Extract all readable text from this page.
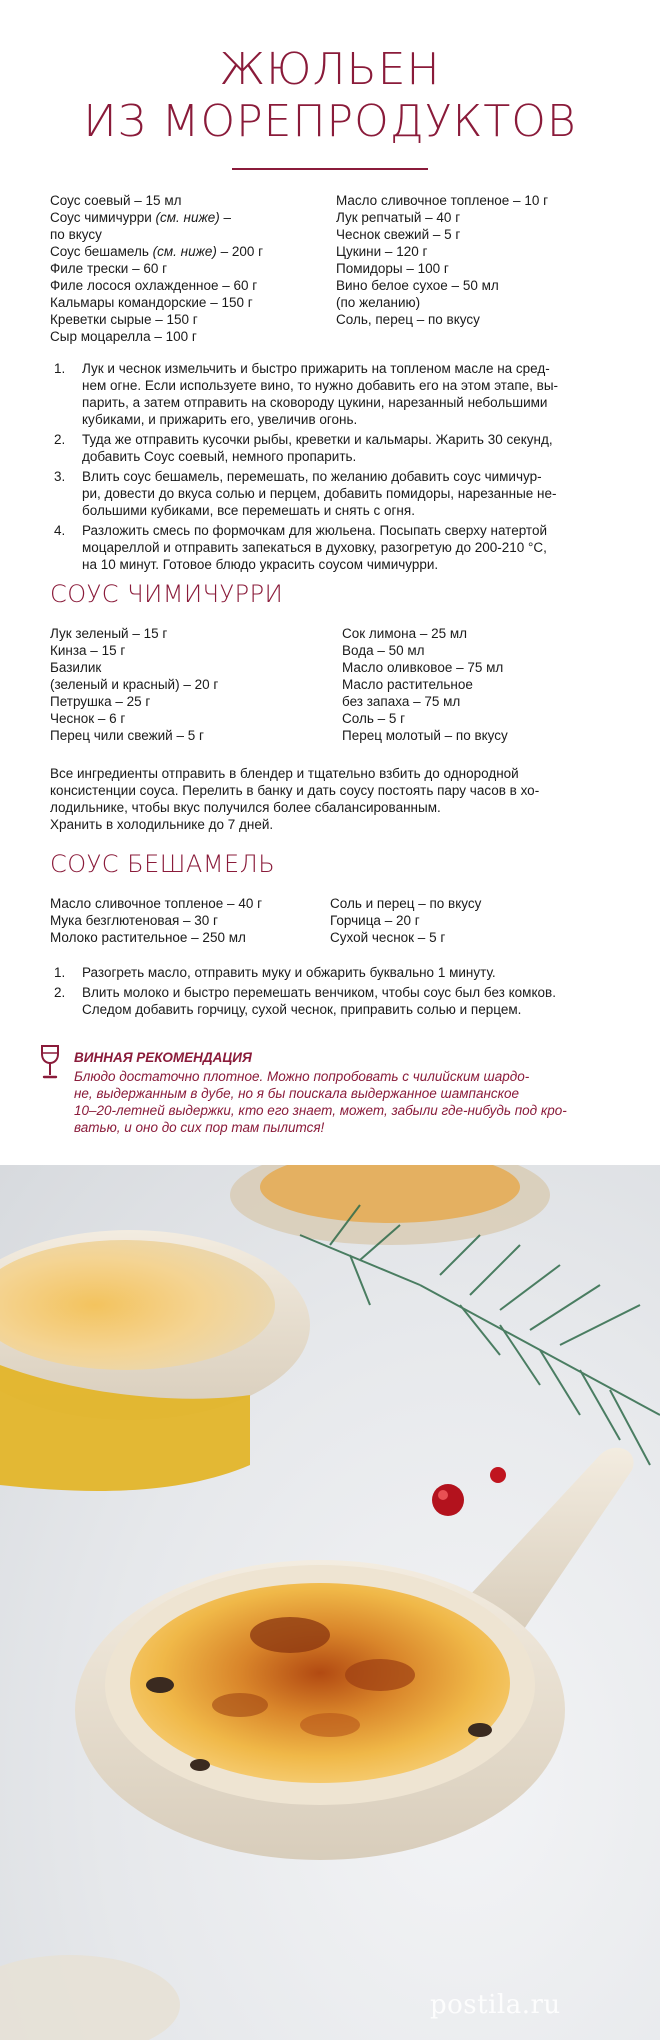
ЖЮЛЬЕН
ИЗ МОРЕПРОДУКТОВ
Соус соевый – 15 мл
Соус чимичурри (см. ниже) –
по вкусу
Соус бешамель (см. ниже) – 200 г
Филе трески – 60 г
Филе лосося охлажденное – 60 г
Кальмары командорские – 150 г
Креветки сырые – 150 г
Сыр моцарелла – 100 г
Масло сливочное топленое – 10 г
Лук репчатый – 40 г
Чеснок свежий – 5 г
Цукини – 120 г
Помидоры – 100 г
Вино белое сухое – 50 мл
(по желанию)
Соль, перец – по вкусу
1. Лук и чеснок измельчить и быстро прижарить на топленом масле на сред-
нем огне. Если используете вино, то нужно добавить его на этом этапе, вы-
парить, а затем отправить на сковороду цукини, нарезанный небольшими
кубиками, и прижарить его, увеличив огонь.
2. Туда же отправить кусочки рыбы, креветки и кальмары. Жарить 30 секунд,
добавить Соус соевый, немного пропарить.
3. Влить соус бешамель, перемешать, по желанию добавить соус чимичур-
ри, довести до вкуса солью и перцем, добавить помидоры, нарезанные не-
большими кубиками, все перемешать и снять с огня.
4. Разложить смесь по формочкам для жюльена. Посыпать сверху натертой
моцареллой и отправить запекаться в духовку, разогретую до 200-210 °С,
на 10 минут. Готовое блюдо украсить соусом чимичурри.
СОУС ЧИМИЧУРРИ
Лук зеленый – 15 г
Кинза – 15 г
Базилик
(зеленый и красный) – 20 г
Петрушка – 25 г
Чеснок – 6 г
Перец чили свежий – 5 г
Сок лимона – 25 мл
Вода – 50 мл
Масло оливковое – 75 мл
Масло растительное
без запаха – 75 мл
Соль – 5 г
Перец молотый – по вкусу
Все ингредиенты отправить в блендер и тщательно взбить до однородной
консистенции соуса. Перелить в банку и дать соусу постоять пару часов в хо-
лодильнике, чтобы вкус получился более сбалансированным.
Хранить в холодильнике до 7 дней.
СОУС БЕШАМЕЛЬ
Масло сливочное топленое – 40 г
Мука безглютеновая – 30 г
Молоко растительное – 250 мл
Соль и перец – по вкусу
Горчица – 20 г
Сухой чеснок – 5 г
1. Разогреть масло, отправить муку и обжарить буквально 1 минуту.
2. Влить молоко и быстро перемешать венчиком, чтобы соус был без комков.
Следом добавить горчицу, сухой чеснок, приправить солью и перцем.
ВИННАЯ РЕКОМЕНДАЦИЯ
Блюдо достаточно плотное. Можно попробовать с чилийским шардо-
не, выдержанным в дубе, но я бы поискала выдержанное шампанское
10–20-летней выдержки, кто его знает, может, забыли где-нибудь под кро-
ватью, и оно до сих пор там пылится!
postila.ru
